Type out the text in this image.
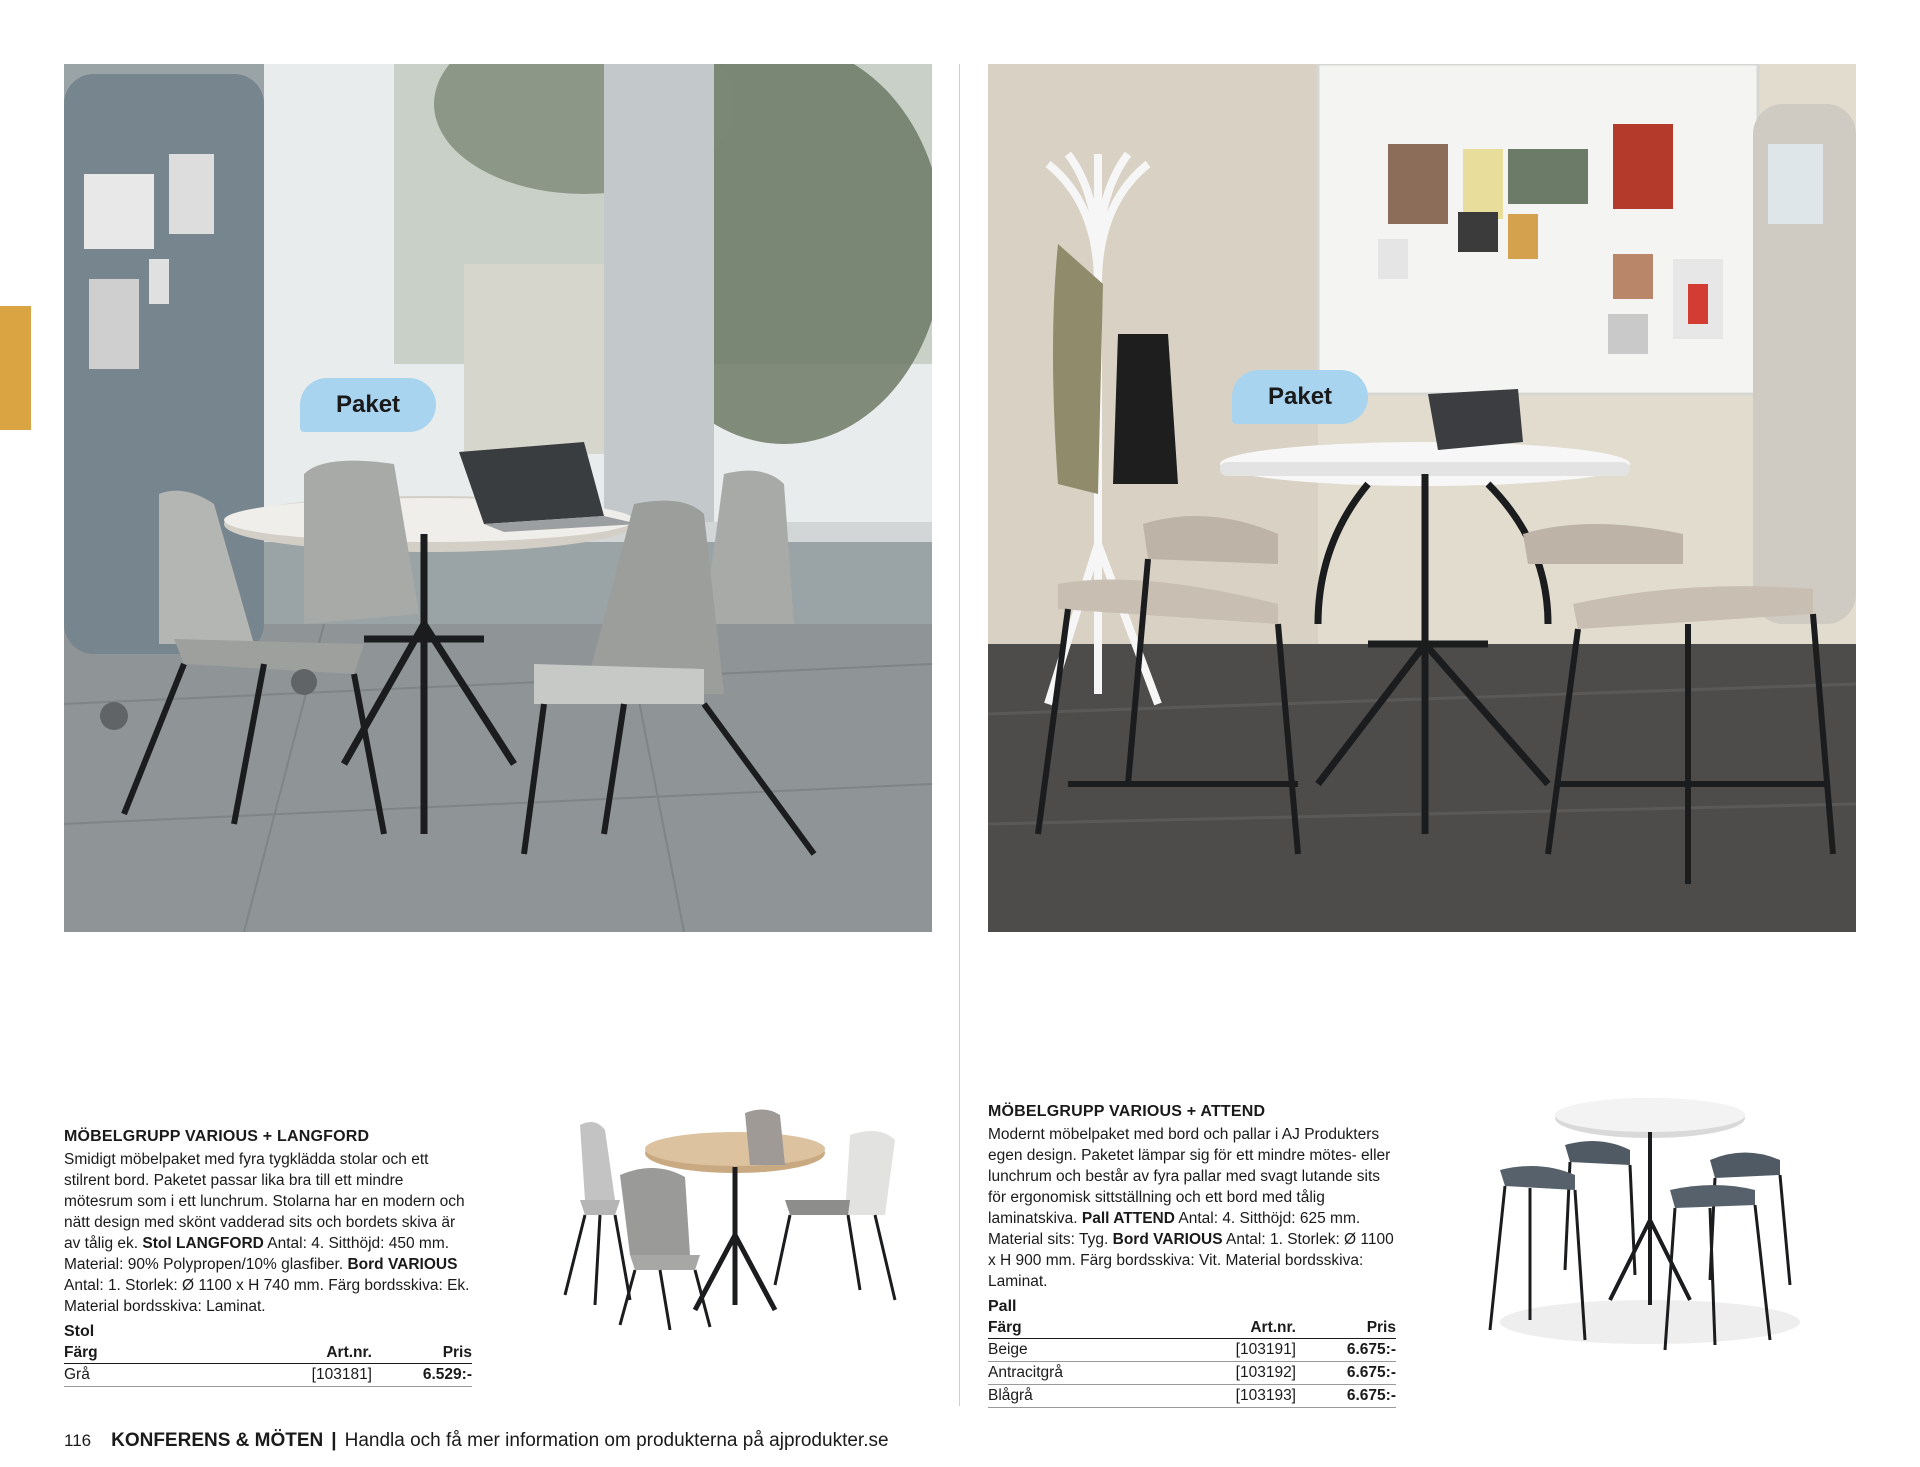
Paket	Paket
MÖBELGRUPP VARIOUS + LANGFORD

Smidigt möbelpaket med fyra tygklädda stolar och ett stilrent bord. Paketet passar lika bra till ett mindre mötesrum som i ett lunchrum. Stolarna har en modern och nätt design med skönt vadderad sits och bordets skiva är av tålig ek. Stol LANGFORD Antal: 4. Sitthöjd: 450 mm. Material: 90% Polypropen/10% glasfiber. Bord VARIOUS Antal: 1. Storlek: Ø 1100 x H 740 mm. Färg bordsskiva: Ek. Material bordsskiva: Laminat.

Stol
Färg	Art.nr.	Pris
Grå	[103181]	6.529:-
MÖBELGRUPP VARIOUS + ATTEND

Modernt möbelpaket med bord och pallar i AJ Produkters egen design. Paketet lämpar sig för ett mindre mötes- eller lunchrum och består av fyra pallar med svagt lutande sits för ergonomisk sittställning och ett bord med tålig laminatskiva. Pall ATTEND Antal: 4. Sitthöjd: 625 mm. Material sits: Tyg. Bord VARIOUS Antal: 1. Storlek: Ø 1100 x H 900 mm. Färg bordsskiva: Vit. Material bordsskiva: Laminat.

Pall
Färg	Art.nr.	Pris
Beige	[103191]	6.675:-
Antracitgrå	[103192]	6.675:-
Blågrå	[103193]	6.675:-
116 KONFERENS & MÖTEN | Handla och få mer information om produkterna på ajprodukter.se
